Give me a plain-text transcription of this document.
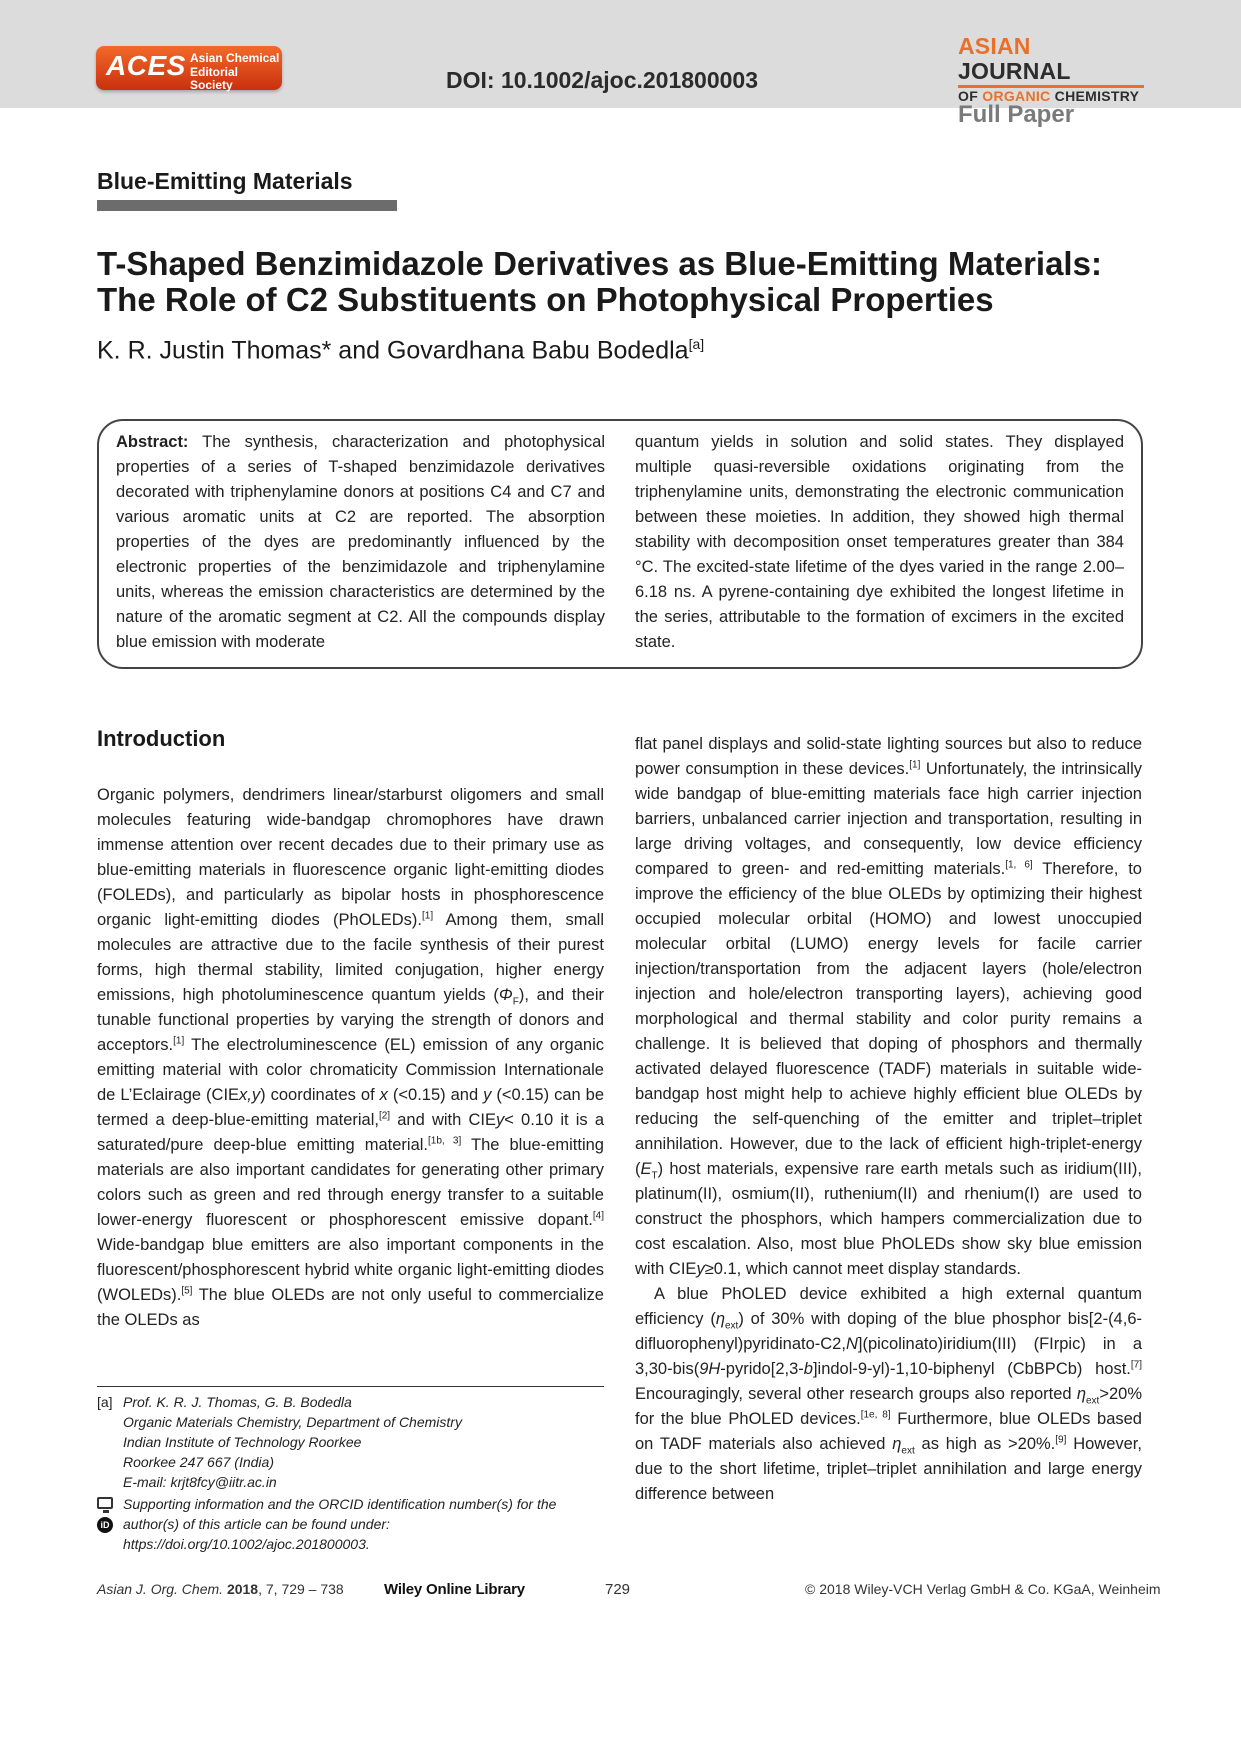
ACES Asian Chemical
Editorial Society	DOI: 10.1002/ajoc.201800003
ASIAN JOURNAL
OF ORGANIC CHEMISTRY
Full Paper
Blue-Emitting Materials
T-Shaped Benzimidazole Derivatives as Blue-Emitting Materials:
The Role of C2 Substituents on Photophysical Properties
K. R. Justin Thomas* and Govardhana Babu Bodedla[a]
Abstract: The synthesis, characterization and photophysical properties of a series of T-shaped benzimidazole derivatives decorated with triphenylamine donors at positions C4 and C7 and various aromatic units at C2 are reported. The absorption properties of the dyes are predominantly influenced by the electronic properties of the benzimidazole and triphenylamine units, whereas the emission characteristics are determined by the nature of the aromatic segment at C2. All the compounds display blue emission with moderate
quantum yields in solution and solid states. They displayed multiple quasi-reversible oxidations originating from the triphenylamine units, demonstrating the electronic communication between these moieties. In addition, they showed high thermal stability with decomposition onset temperatures greater than 384 °C. The excited-state lifetime of the dyes varied in the range 2.00–6.18 ns. A pyrene-containing dye exhibited the longest lifetime in the series, attributable to the formation of excimers in the excited state.
Introduction

Organic polymers, dendrimers linear/starburst oligomers and small molecules featuring wide-bandgap chromophores have drawn immense attention over recent decades due to their primary use as blue-emitting materials in fluorescence organic light-emitting diodes (FOLEDs), and particularly as bipolar hosts in phosphorescence organic light-emitting diodes (PhOLEDs).[1] Among them, small molecules are attractive due to the facile synthesis of their purest forms, high thermal stability, limited conjugation, higher energy emissions, high photoluminescence quantum yields $(\Phi_F)$, and their tunable functional properties by varying the strength of donors and acceptors.[1] The electroluminescence (EL) emission of any organic emitting material with color chromaticity Commission Internationale de L’Eclairage (CIEx,y) coordinates of x (<0.15) and y (<0.15) can be termed a deep-blue-emitting material,[2] and with CIEy< 0.10 it is a saturated/pure deep-blue emitting material.[1b, 3] The blue-emitting materials are also important candidates for generating other primary colors such as green and red through energy transfer to a suitable lower-energy fluorescent or phosphorescent emissive dopant.[4] Wide-bandgap blue emitters are also important components in the fluorescent/phosphorescent hybrid white organic light-emitting diodes (WOLEDs).[5] The blue OLEDs are not only useful to commercialize the OLEDs as

flat panel displays and solid-state lighting sources but also to reduce power consumption in these devices.[1] Unfortunately, the intrinsically wide bandgap of blue-emitting materials face high carrier injection barriers, unbalanced carrier injection and transportation, resulting in large driving voltages, and consequently, low device efficiency compared to green- and red-emitting materials.[1, 6] Therefore, to improve the efficiency of the blue OLEDs by optimizing their highest occupied molecular orbital (HOMO) and lowest unoccupied molecular orbital (LUMO) energy levels for facile carrier injection/transportation from the adjacent layers (hole/electron injection and hole/electron transporting layers), achieving good morphological and thermal stability and color purity remains a challenge. It is believed that doping of phosphors and thermally activated delayed fluorescence (TADF) materials in suitable wide-bandgap host might help to achieve highly efficient blue OLEDs by reducing the self-quenching of the emitter and triplet–triplet annihilation. However, due to the lack of efficient high-triplet-energy $(E_T)$ host materials, expensive rare earth metals such as iridium(III), platinum(II), osmium(II), ruthenium(II) and rhenium(I) are used to construct the phosphors, which hampers commercialization due to cost escalation. Also, most blue PhOLEDs show sky blue emission with CIEy≥0.1, which cannot meet display standards.

A blue PhOLED device exhibited a high external quantum efficiency $(\eta_{ext})$ of 30% with doping of the blue phosphor bis[2-(4,6-difluorophenyl)pyridinato-C2,N](picolinato)iridium(III) (FIrpic) in a 3,30-bis(9H-pyrido[2,3-b]indol-9-yl)-1,10-biphenyl (CbBPCb) host.[7] Encouragingly, several other research groups also reported $\eta_{ext}>20\%$ for the blue PhOLED devices.[1e, 8] Furthermore, blue OLEDs based on TADF materials also achieved $\eta_{ext}$ as high as >20%.[9] However, due to the short lifetime, triplet–triplet annihilation and large energy difference between

[a] Prof. K. R. J. Thomas, G. B. Bodedla
Organic Materials Chemistry, Department of Chemistry
Indian Institute of Technology Roorkee
Roorkee 247 667 (India)
E-mail: krjt8fcy@iitr.ac.in
iD
Supporting information and the ORCID identification number(s) for the author(s) of this article can be found under: https://doi.org/10.1002/ajoc.201800003.
Asian J. Org. Chem. 2018, 7, 729 – 738	Wiley Online Library	729	© 2018 Wiley-VCH Verlag GmbH & Co. KGaA, Weinheim
